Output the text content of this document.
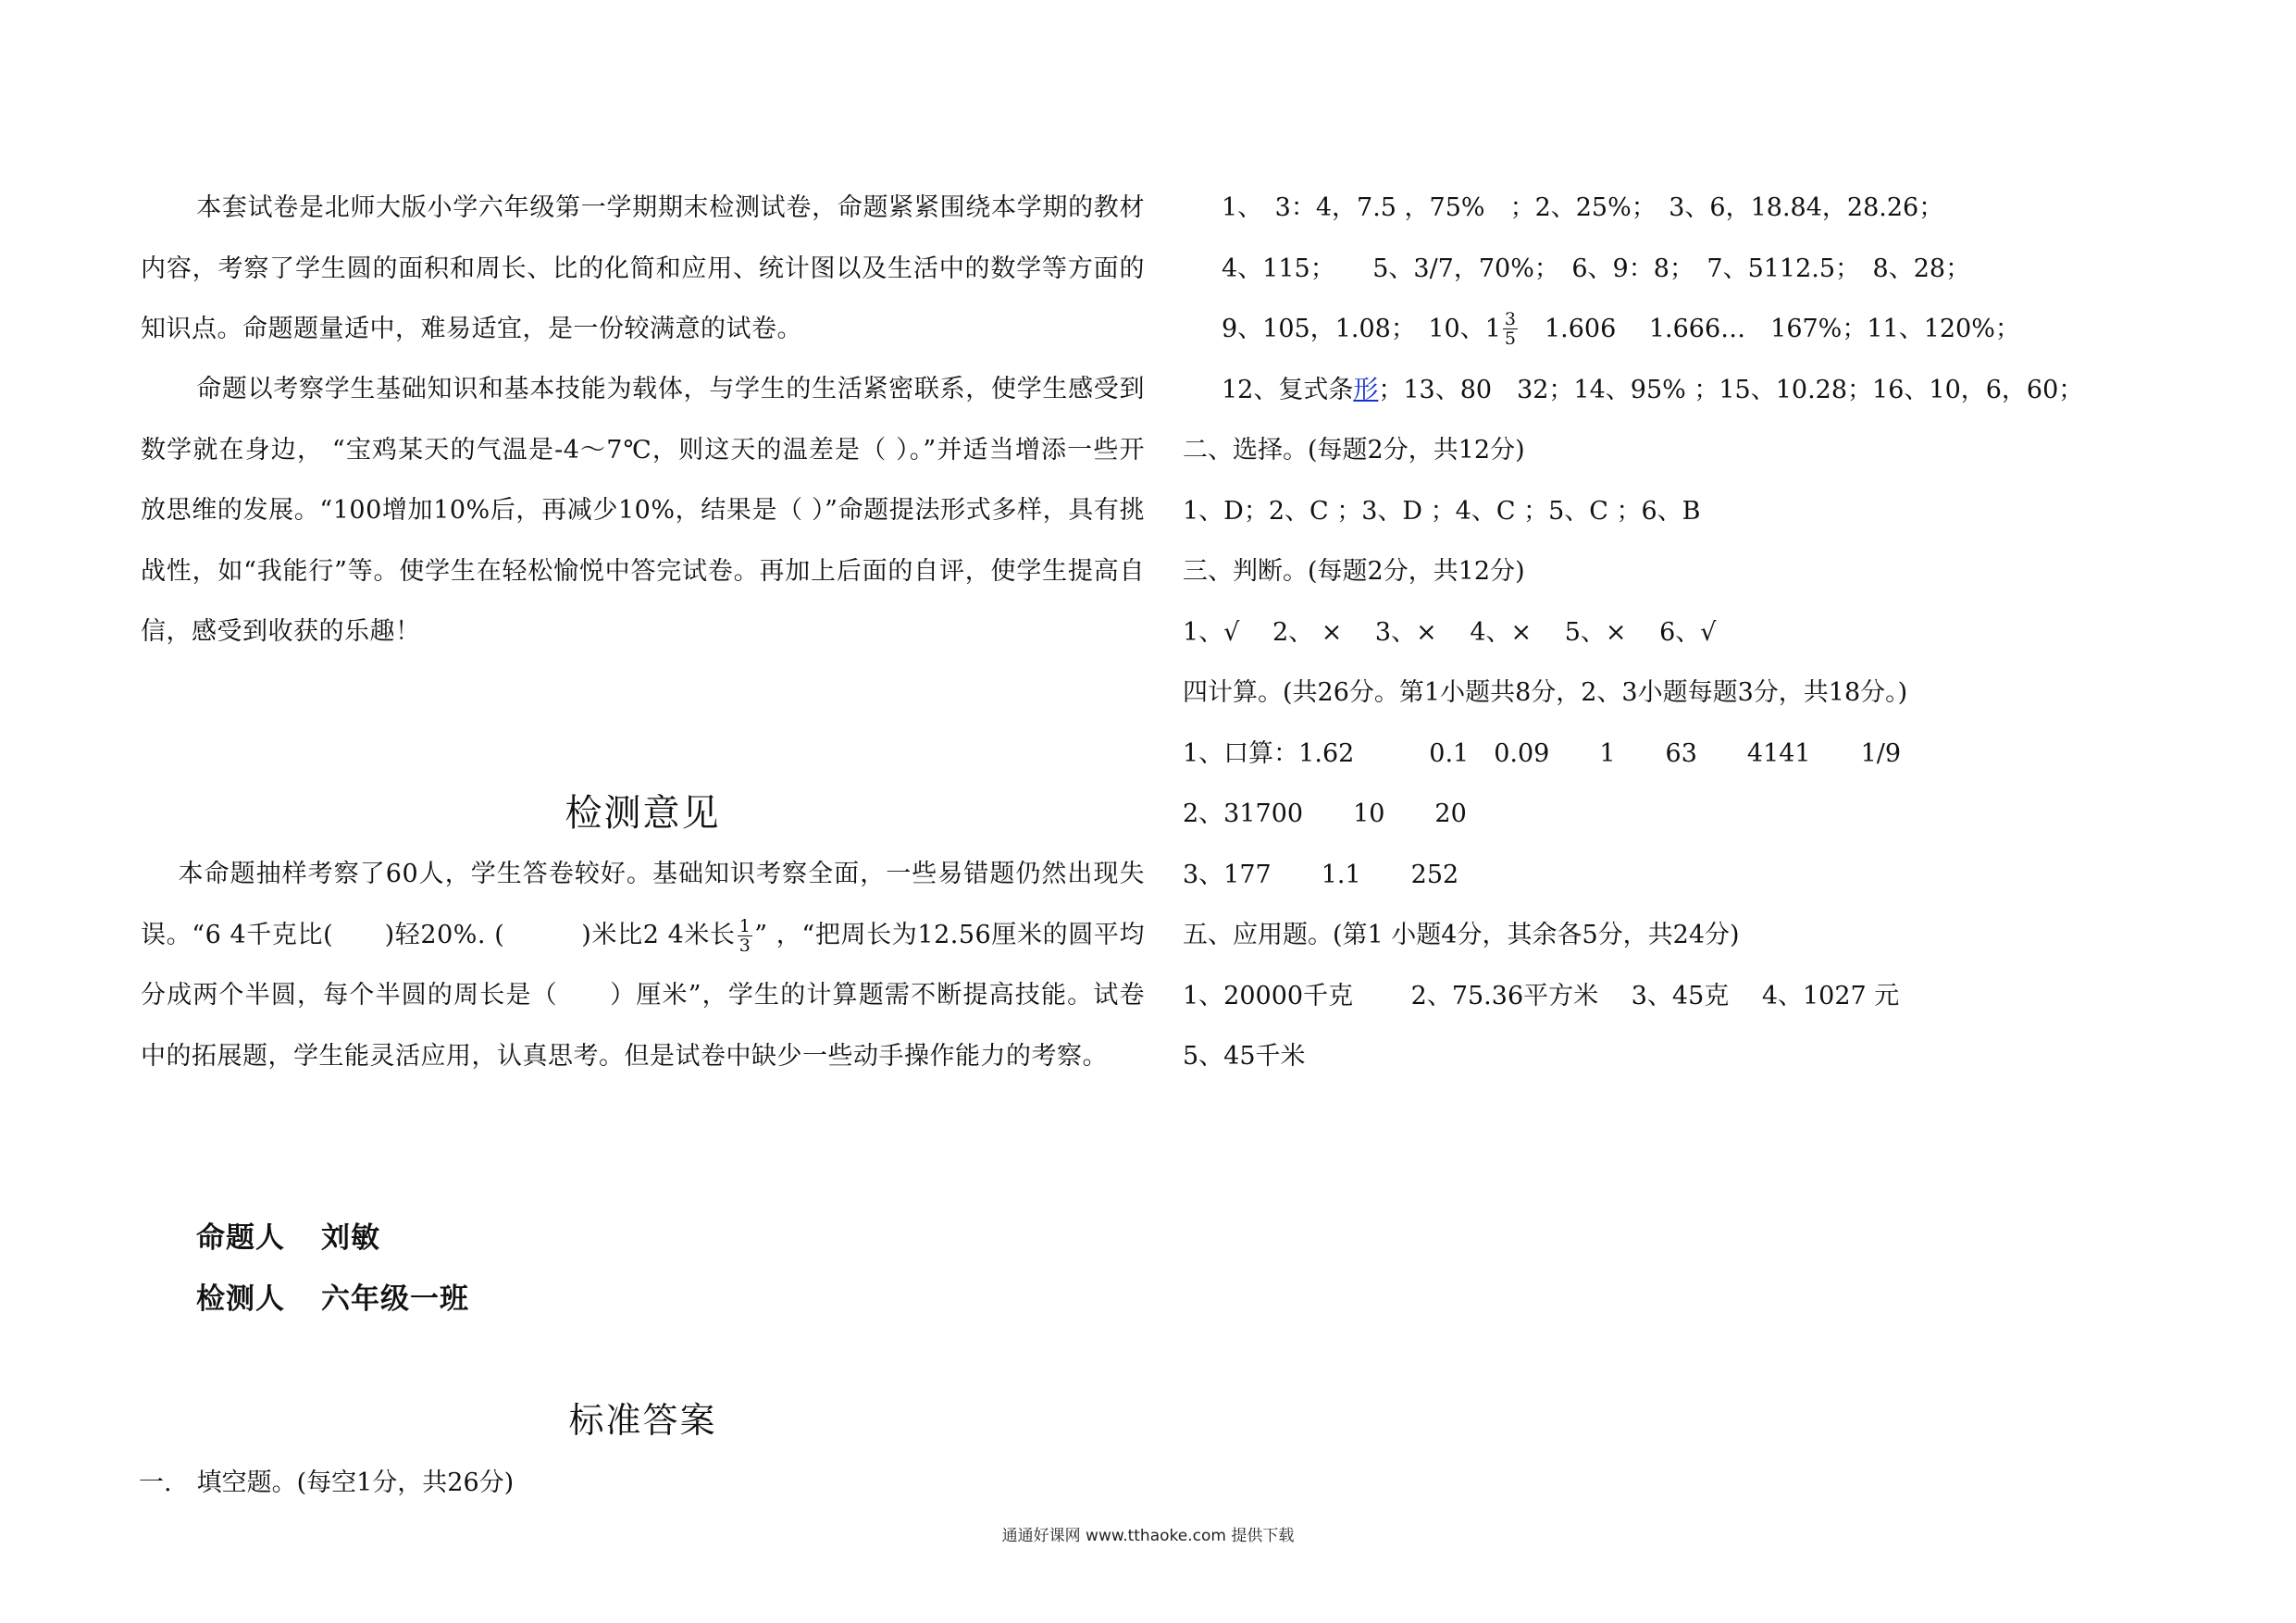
本套试卷是北师大版小学六年级第一学期期末检测试卷，命题紧紧围绕本学期的教材内容，考察了学生圆的面积和周长、比的化简和应用、统计图以及生活中的数学等方面的知识点。命题题量适中，难易适宜，是一份较满意的试卷。
命题以考察学生基础知识和基本技能为载体，与学生的生活紧密联系，使学生感受到数学就在身边， “宝鸡某天的气温是-4～7℃，则这天的温差是（ ）。”并适当增添一些开放思维的发展。“100增加10%后，再减少10%，结果是（ ）”命题提法形式多样，具有挑战性，如“我能行”等。使学生在轻松愉悦中答完试卷。再加上后面的自评，使学生提高自信，感受到收获的乐趣！
检测意见
本命题抽样考察了60人，学生答卷较好。基础知识考察全面，一些易错题仍然出现失误。“6 4千克比(　　)轻20%. (　　　)米比2 4米长 $\frac{1}{3}$ ” ，“把周长为12.56厘米的圆平均分成两个半圆，每个半圆的周长是（　　）厘米”，学生的计算题需不断提高技能。试卷中的拓展题，学生能灵活应用，认真思考。但是试卷中缺少一些动手操作能力的考察。
命题人 刘敏
检测人 六年级一班
标准答案
一.　填空题。(每空1分，共26分)
1、　3：4，7.5 ，75%　；2、25%；　3、6，18.84，28.26；
4、115；　　5、3/7，70%；　6、9：8；　7、5112.5；　8、28；
9、105，1.08；　10、 $1 \frac{3}{5}$ 　1.606　 1.666…　167%；11、120%；
12、复式条形；13、80　32；14、95% ；15、10.28；16、10，6，60；
二、选择。(每题2分，共12分)
1、D；2、C ；3、D ；4、C ；5、C ；6、B
三、判断。(每题2分，共12分)
1、√　 2、 ×　 3、×　 4、×　 5、×　 6、√
四计算。(共26分。第1小题共8分，2、3小题每题3分，共18分。)
1、口算：1.62　　　0.1　0.09　　1　　63　　4141　　1/9
2、31700　　10　　20
3、177　　1.1　　252
五、应用题。(第1 小题4分，其余各5分，共24分)
1、20000千克　　 2、75.36平方米　 3、45克　 4、1027 元
5、45千米
通通好课网 www.tthaoke.com 提供下载
